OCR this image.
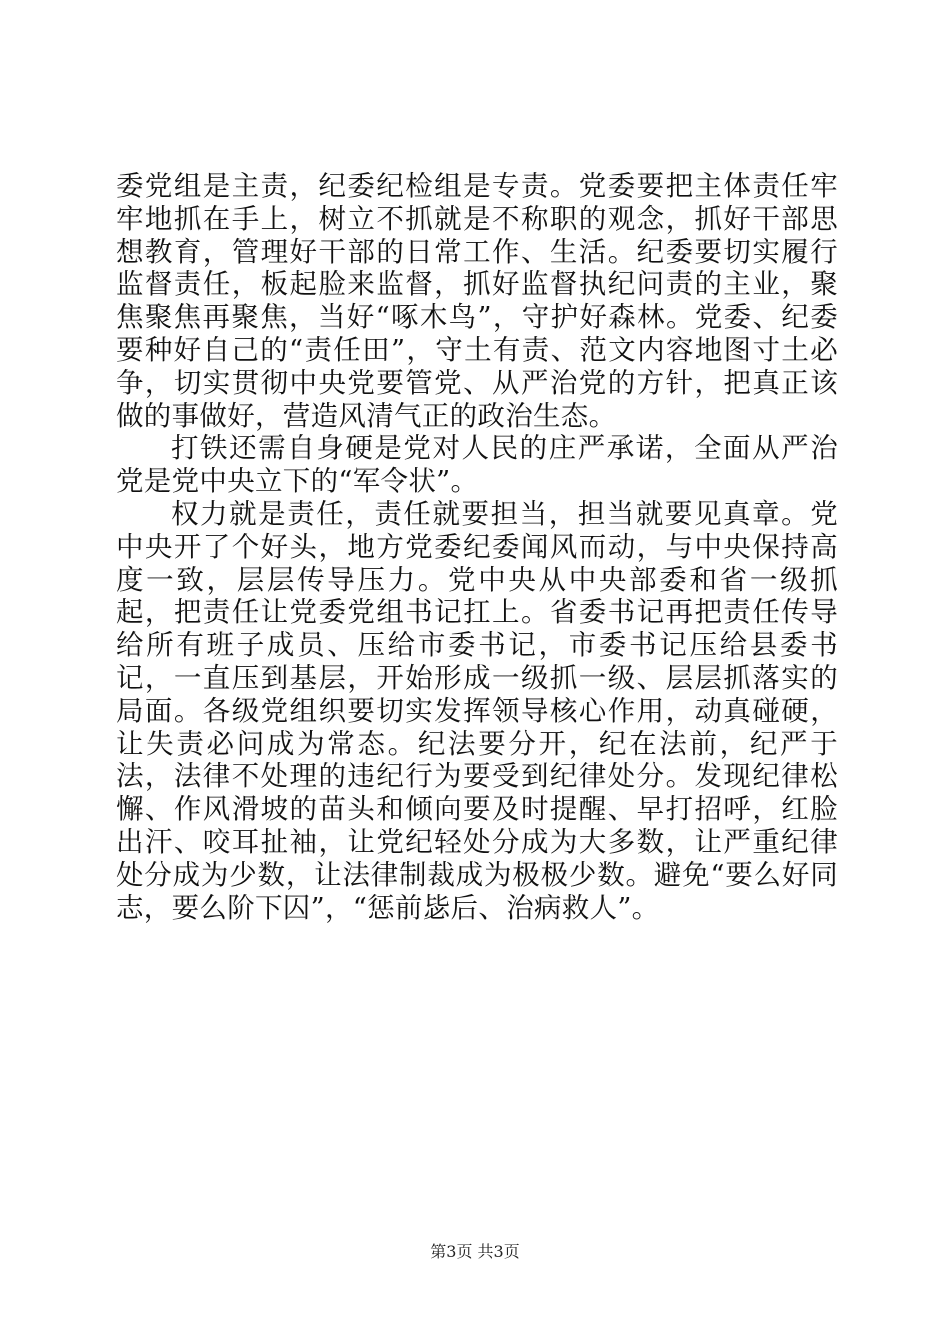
委党组是主责，纪委纪检组是专责。党委要把主体责任牢牢地抓在手上，树立不抓就是不称职的观念，抓好干部思想教育，管理好干部的日常工作、生活。纪委要切实履行监督责任，板起脸来监督，抓好监督执纪问责的主业，聚焦聚焦再聚焦，当好“啄木鸟”，守护好森林。党委、纪委要种好自己的“责任田”，守土有责、范文内容地图寸土必争，切实贯彻中央党要管党、从严治党的方针，把真正该做的事做好，营造风清气正的政治生态。

打铁还需自身硬是党对人民的庄严承诺，全面从严治党是党中央立下的“军令状”。

权力就是责任，责任就要担当，担当就要见真章。党中央开了个好头，地方党委纪委闻风而动，与中央保持高度一致，层层传导压力。党中央从中央部委和省一级抓起，把责任让党委党组书记扛上。省委书记再把责任传导给所有班子成员、压给市委书记，市委书记压给县委书记，一直压到基层，开始形成一级抓一级、层层抓落实的局面。各级党组织要切实发挥领导核心作用，动真碰硬，让失责必问成为常态。纪法要分开，纪在法前，纪严于法，法律不处理的违纪行为要受到纪律处分。发现纪律松懈、作风滑坡的苗头和倾向要及时提醒、早打招呼，红脸出汗、咬耳扯袖，让党纪轻处分成为大多数，让严重纪律处分成为少数，让法律制裁成为极极少数。避免“要么好同志，要么阶下囚”，“惩前毖后、治病救人”。

第3页 共3页
